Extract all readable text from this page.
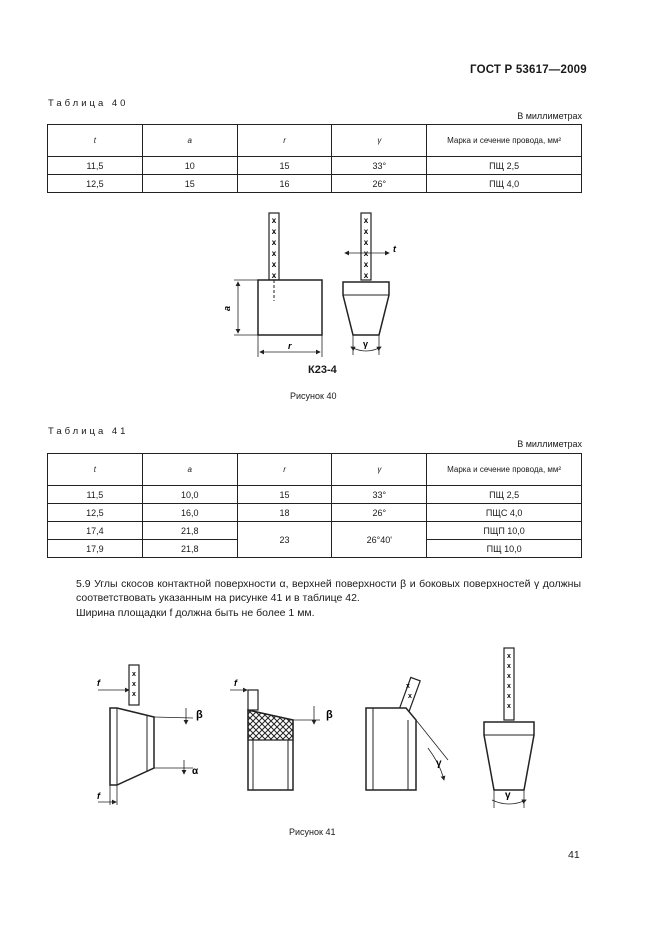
ГОСТ Р 53617—2009
Таблица 40
В миллиметрах
t	a	r	γ	Марка и сечение провода, мм²
11,5	10	15	33°	ПЩ 2,5
12,5	15	16	26°	ПЩ 4,0
x
x
x
x
x
x
a
r
x
x
x
x
x
x
t
γ
К23-4
Рисунок 40
Таблица 41
В миллиметрах
t	a	r	γ	Марка и сечение провода, мм²
11,5	10,0	15	33°	ПЩ 2,5
12,5	16,0	18	26°	ПЩС 4,0
17,4	21,8	23	26°40'	ПЩП 10,0
17,9	21,8			ПЩ 10,0
5.9 Углы скосов контактной поверхности α, верхней поверхности β и боковых поверхностей γ должны соответствовать указанным на рисунке 41 и в таблице 42.
Ширина площадки f должна быть не более 1 мм.
x
x
x
f
f
β
α
f
β
x
x
γ
x
x
x
x
x
x
γ
Рисунок 41
41
